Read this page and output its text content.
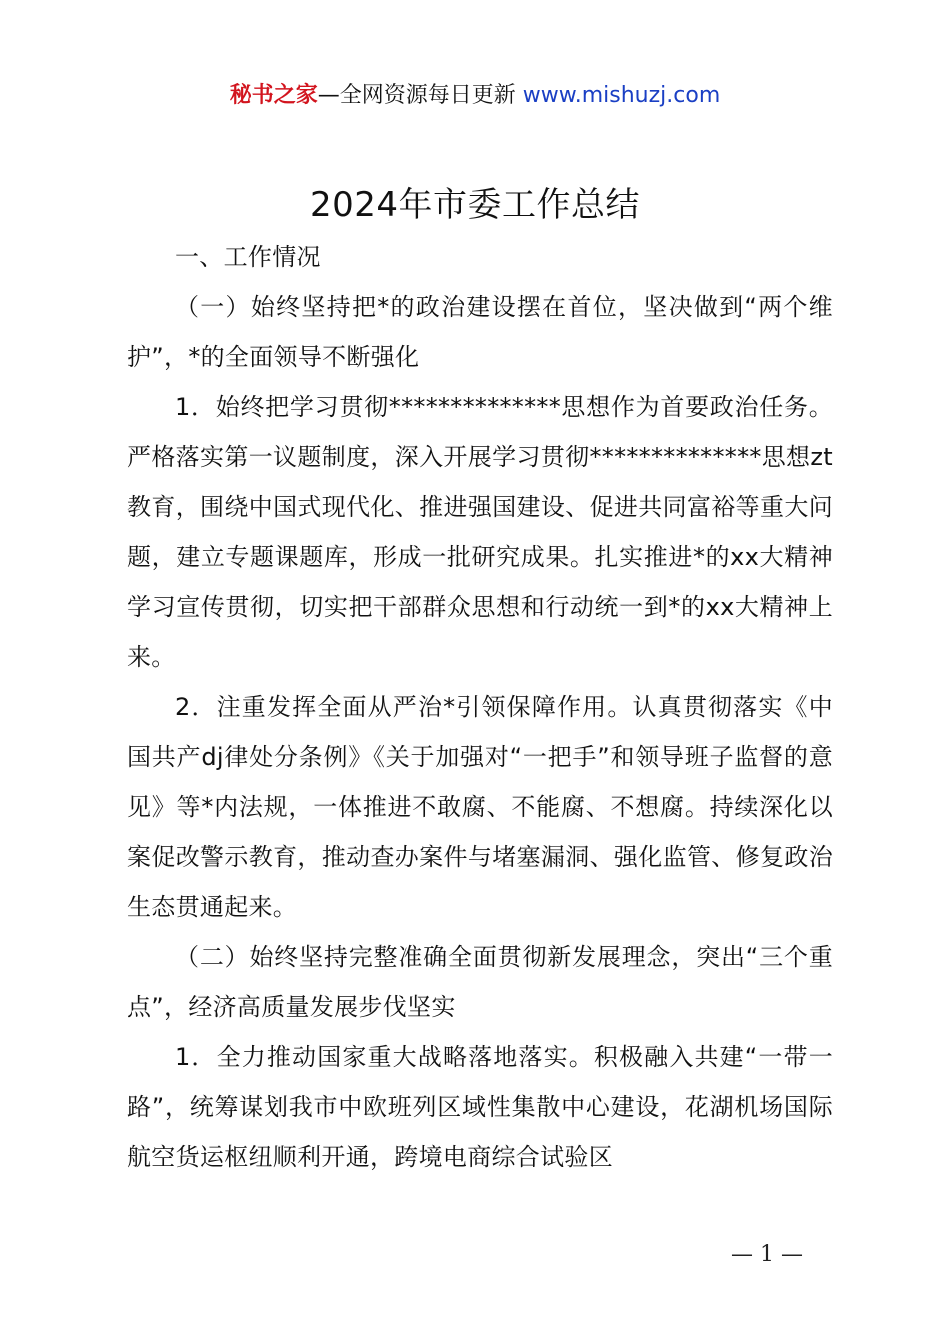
秘书之家—全网资源每日更新 www.mishuzj.com
2024年市委工作总结

一、工作情况

（一）始终坚持把*的政治建设摆在首位，坚决做到“两个维护”，*的全面领导不断强化

1．始终把学习贯彻**************思想作为首要政治任务。严格落实第一议题制度，深入开展学习贯彻**************思想zt教育，围绕中国式现代化、推进强国建设、促进共同富裕等重大问题，建立专题课题库，形成一批研究成果。扎实推进*的xx大精神学习宣传贯彻，切实把干部群众思想和行动统一到*的xx大精神上来。

2．注重发挥全面从严治*引领保障作用。认真贯彻落实《中国共产dj律处分条例》《关于加强对“一把手”和领导班子监督的意见》等*内法规，一体推进不敢腐、不能腐、不想腐。持续深化以案促改警示教育，推动查办案件与堵塞漏洞、强化监管、修复政治生态贯通起来。

（二）始终坚持完整准确全面贯彻新发展理念，突出“三个重点”，经济高质量发展步伐坚实

1．全力推动国家重大战略落地落实。积极融入共建“一带一路”，统筹谋划我市中欧班列区域性集散中心建设，花湖机场国际航空货运枢纽顺利开通，跨境电商综合试验区

— 1 —
